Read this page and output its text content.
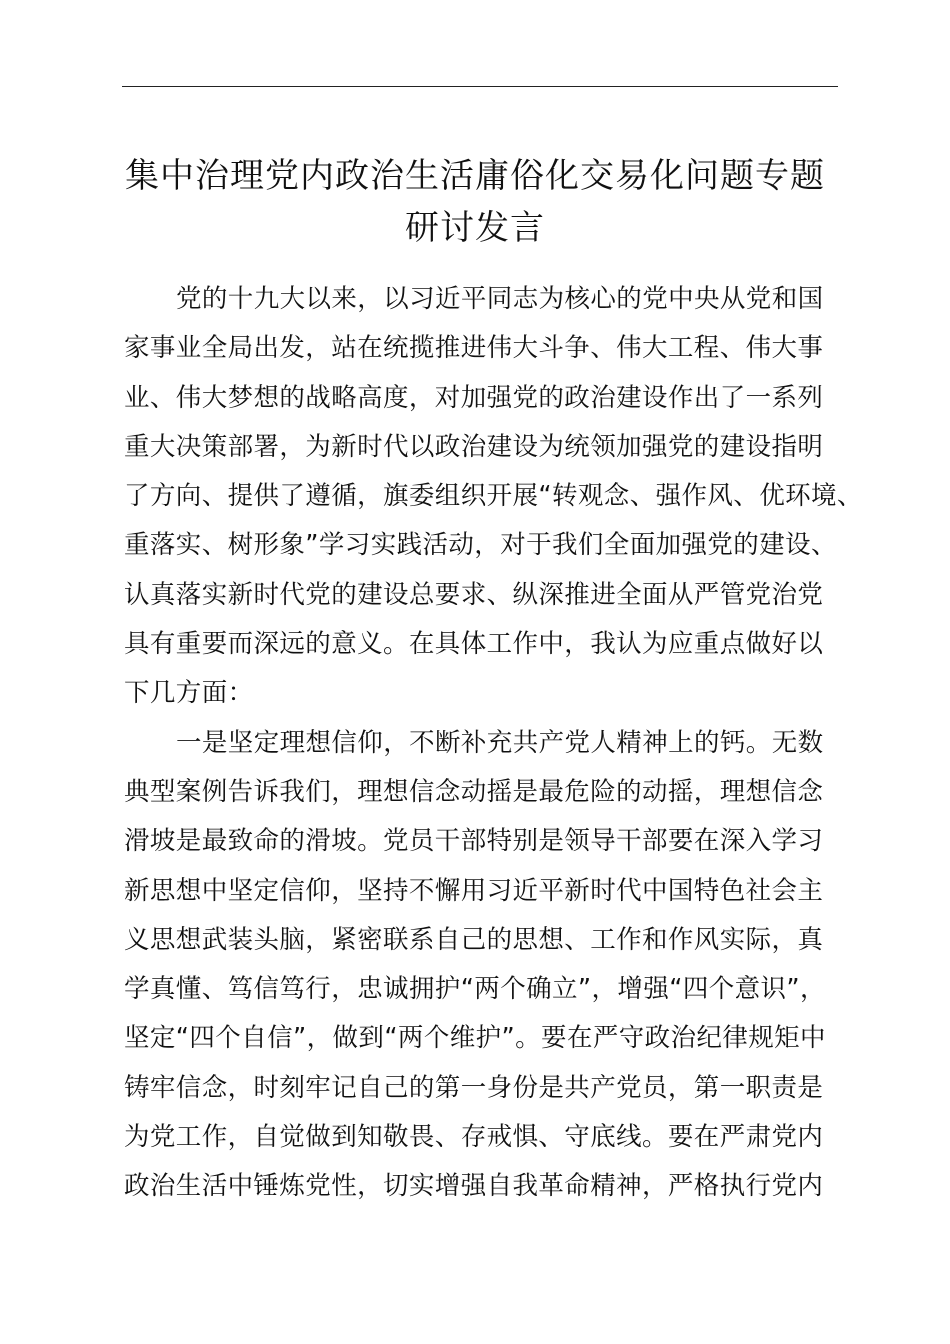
集中治理党内政治生活庸俗化交易化问题专题
研讨发言
党的十九大以来，以习近平同志为核心的党中央从党和国
家事业全局出发，站在统揽推进伟大斗争、伟大工程、伟大事
业、伟大梦想的战略高度，对加强党的政治建设作出了一系列
重大决策部署，为新时代以政治建设为统领加强党的建设指明
了方向、提供了遵循，旗委组织开展“转观念、强作风、优环境、
重落实、树形象”学习实践活动，对于我们全面加强党的建设、
认真落实新时代党的建设总要求、纵深推进全面从严管党治党
具有重要而深远的意义。在具体工作中，我认为应重点做好以
下几方面：
一是坚定理想信仰，不断补充共产党人精神上的钙。无数
典型案例告诉我们，理想信念动摇是最危险的动摇，理想信念
滑坡是最致命的滑坡。党员干部特别是领导干部要在深入学习
新思想中坚定信仰，坚持不懈用习近平新时代中国特色社会主
义思想武装头脑，紧密联系自己的思想、工作和作风实际，真
学真懂、笃信笃行，忠诚拥护“两个确立”，增强“四个意识”，
坚定“四个自信”，做到“两个维护”。要在严守政治纪律规矩中
铸牢信念，时刻牢记自己的第一身份是共产党员，第一职责是
为党工作，自觉做到知敬畏、存戒惧、守底线。要在严肃党内
政治生活中锤炼党性，切实增强自我革命精神，严格执行党内
